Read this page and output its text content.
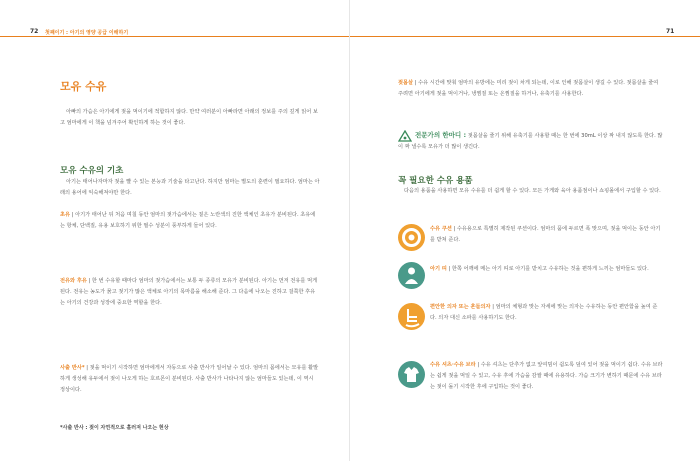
72 첫째이기 : 아기의 영양 공급 이해하기
모유 수유
아빠의 가슴은 아기에게 젖을 먹이기에 적합하지 않다. 만약 여러분이 아빠라면 아래의 정보를 주의 깊게 읽어 보고 엄마에게 이 책을 넘겨주어 확인하게 하는 것이 좋다.
모유 수유의 기초
아기는 태어나자마자 젖을 빨 수 있는 본능과 기술을 타고난다. 하지만 엄마는 별도의 훈련이 필요하다. 엄마는 아래의 용어에 익숙해져야만 한다.
초유 | 아기가 태어난 뒤 처음 며칠 동안 엄마의 젖가슴에서는 짙은 노란색의 진한 액체인 초유가 분비된다. 초유에는 항체, 단백질, 유용 보호하기 위한 필수 성분이 풍부하게 들어 있다.
전유와 후유 | 한 번 수유할 때마다 엄마의 젖가슴에서는 보통 두 종류의 모유가 분비된다. 아기는 먼저 전유를 먹게 된다. 전유는 농도가 묽고 젖기가 많은 액체로 아기의 목마름을 해소해 준다. 그 다음에 나오는 진하고 걸쭉한 후유는 아기의 건강과 성장에 중요한 역할을 한다.
사출 반사* | 젖을 먹이기 시작하면 엄마에게서 자동으로 사출 반사가 일어날 수 있다. 엄마의 몸에서는 모유를 활발하게 생성해 유두에서 젖이 나오게 하는 호르몬이 분비된다. 사출 반사가 나타나지 않는 엄마들도 있는데, 이 역시 정상이다.
*사출 반사 : 젖이 자연적으로 흘러져 나오는 현상
71
젖몸살 | 수유 시간에 맞춰 엄마의 유방에는 미리 젖이 차게 되는데, 이로 인해 젖몸살이 생길 수 있다. 젖몸살을 줄여 주려면 아기에게 젖을 먹이거나, 냉찜질 또는 온찜질을 하거나, 유축기를 사용한다.
전문가의 한마디 : 젖몸살을 줄기 위해 유축기를 사용할 때는 한 번에 30mL 이상 짜 내지 않도록 한다. 많이 짜 낼수록 모유가 더 많이 생긴다.
꼭 필요한 수유 용품
다음의 용품을 사용하면 모유 수유를 더 쉽게 할 수 있다. 모든 가게와 육아 용품점이나 쇼핑몰에서 구입할 수 있다.
수유 쿠션 | 수유용으로 특별히 제작된 쿠션이다. 엄마의 품에 두르면 폭 맞으며, 젖을 먹이는 동안 아기를 받쳐 준다.
아기 띠 | 한쪽 어깨에 메는 아기 띠로 아기를 받치고 수유하는 것을 편하게 느끼는 엄마들도 있다.
편안한 의자 또는 흔들의자 | 엄마의 체형과 맞는 자세에 맞는 의자는 수유하는 동안 편안함을 높여 준다. 의자 대신 소파를 사용하기도 한다.
수유 셔츠·수유 브라 | 수유 셔츠는 단추가 없고 앞여밈이 쉽도록 덮여 있어 젖을 먹이기 쉽다. 수유 브라는 쉽게 젖을 먹일 수 있고, 수유 후에 가슴을 감쌀 때에 유용하다. 가슴 크기가 변하기 때문에 수유 브라는 젖이 돌기 시작한 후에 구입하는 것이 좋다.
